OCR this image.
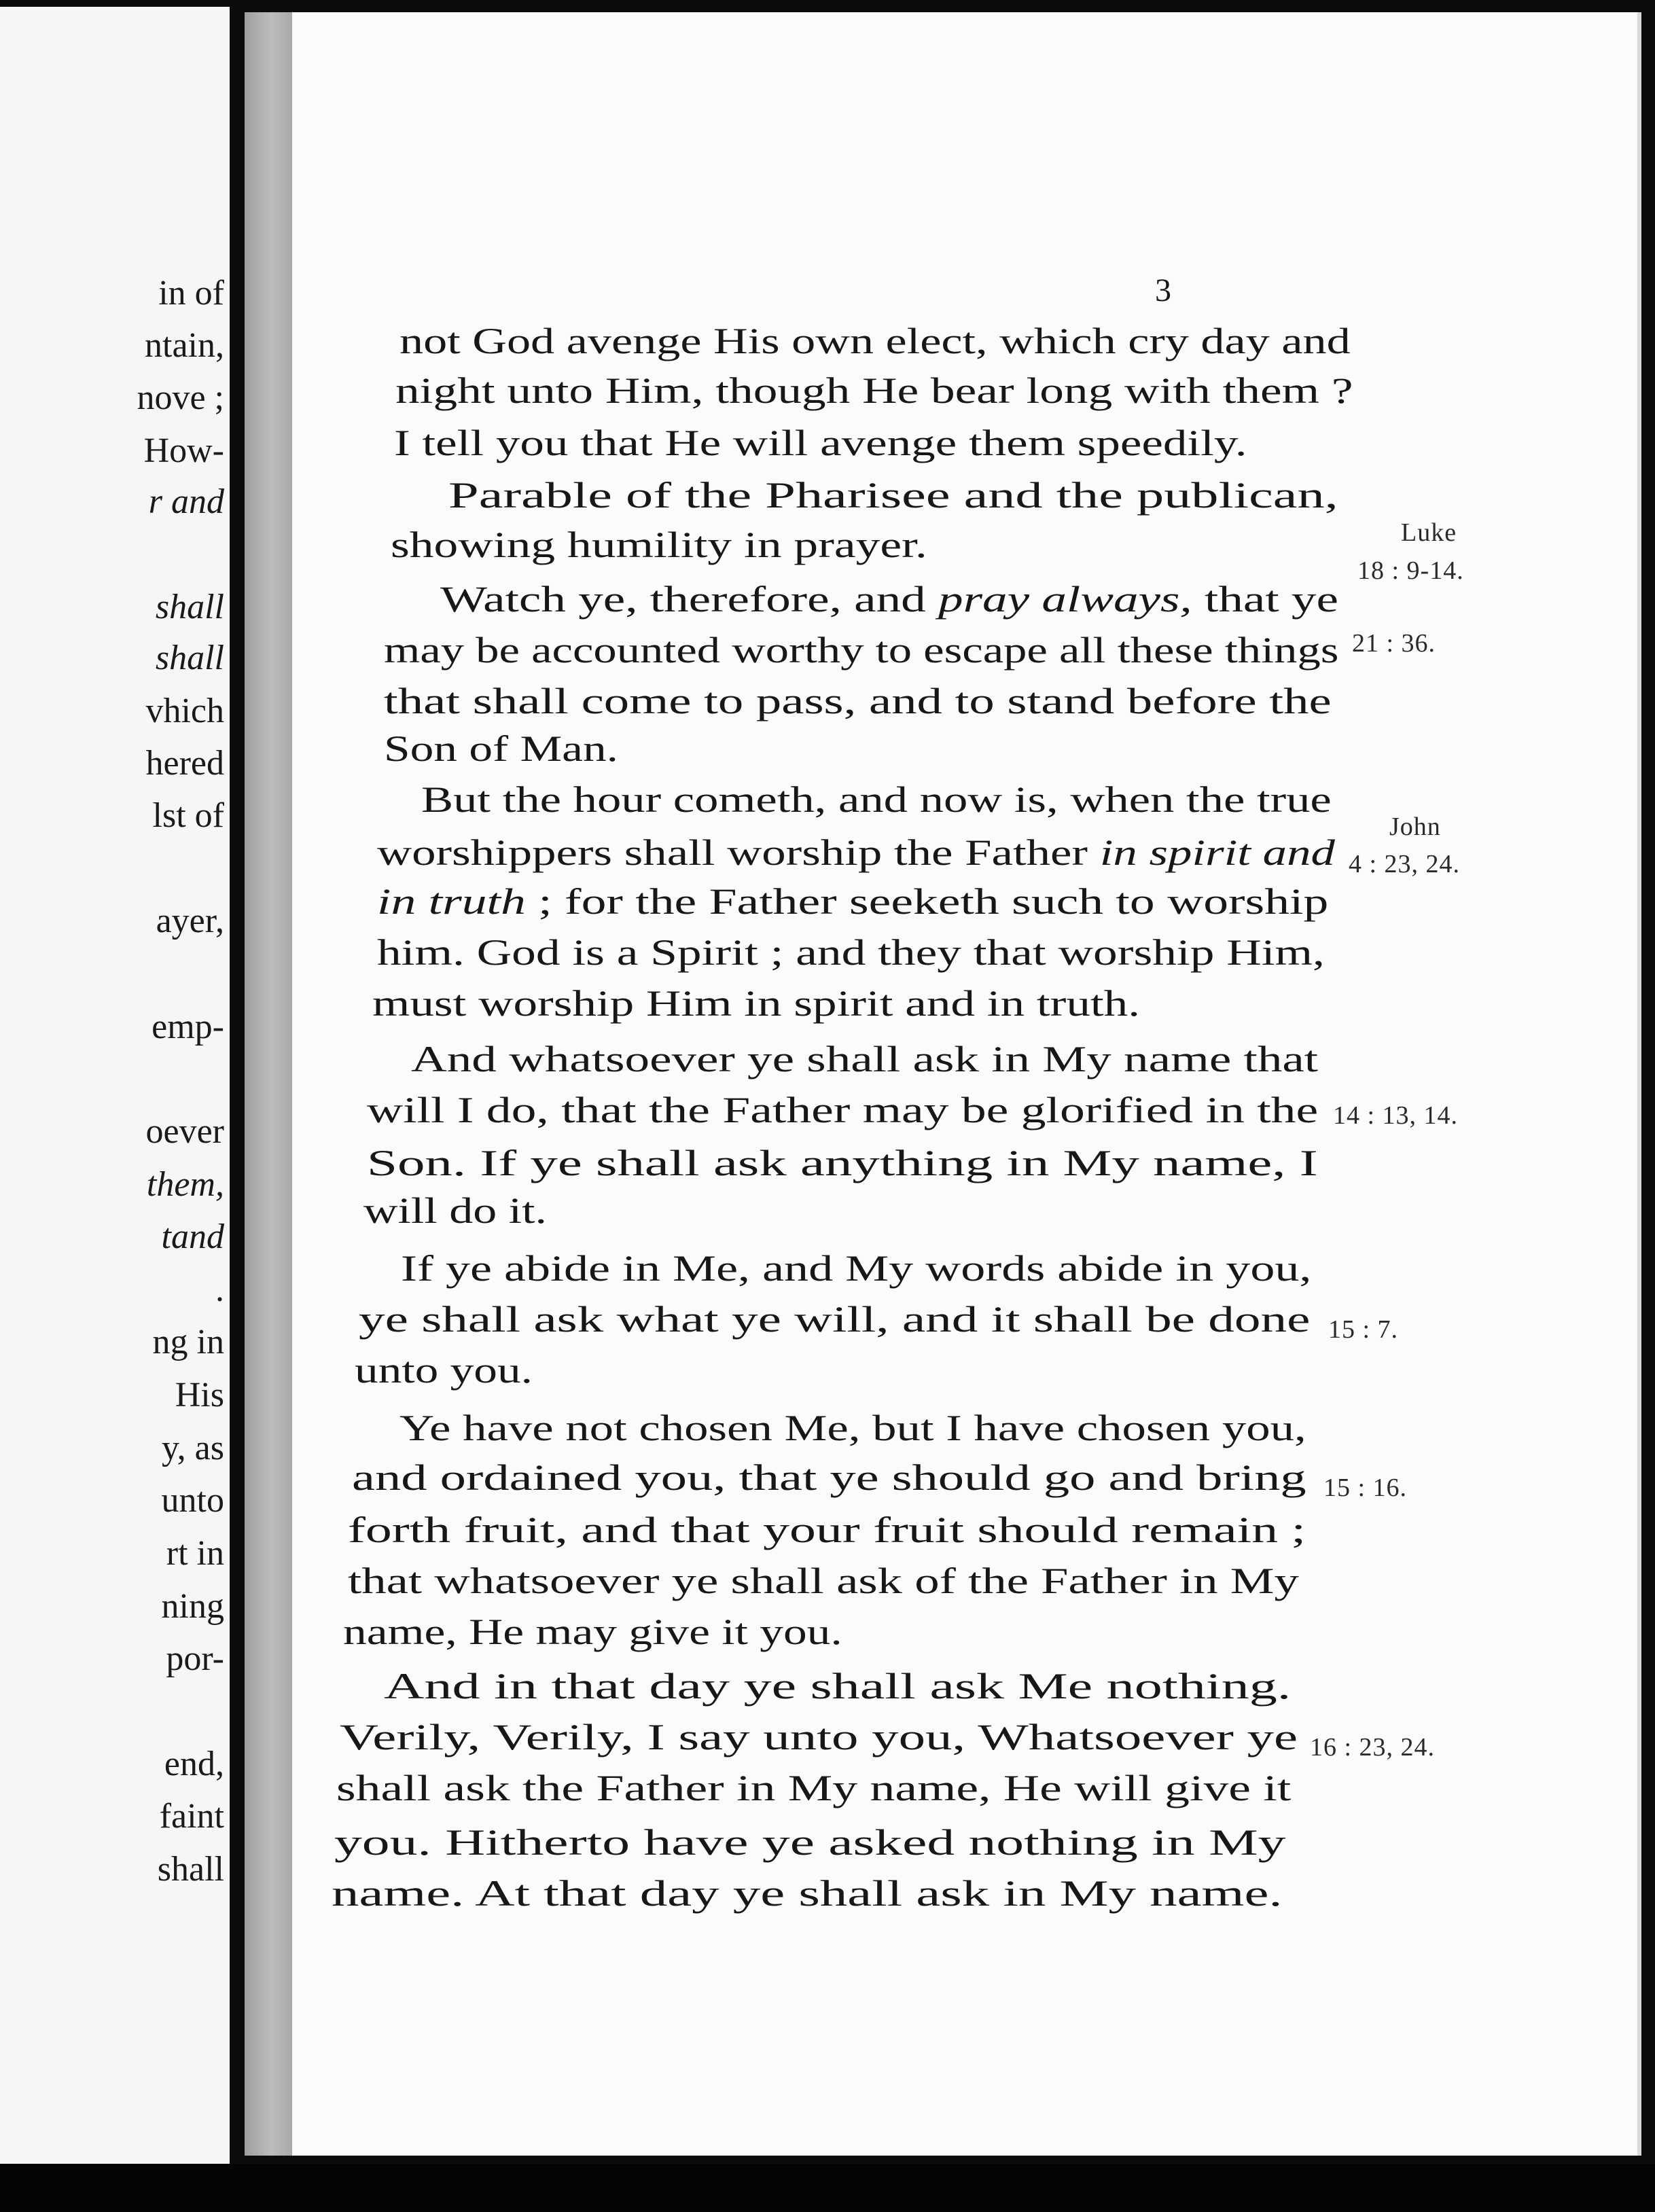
in of
ntain,
nove ;
How-
r and
shall
shall
vhich
hered
lst of
ayer,
emp-
oever
them,
tand
.
ng in
His
y, as
unto
rt in
ning
por-
end,
faint
shall
3
not God avenge His own elect, which cry day and
night unto Him, though He bear long with them ?
I tell you that He will avenge them speedily.
Parable of the Pharisee and the publican,
showing humility in prayer.
Watch ye, therefore, and pray always, that ye
may be accounted worthy to escape all these things
that shall come to pass, and to stand before the
Son of Man.
But the hour cometh, and now is, when the true
worshippers shall worship the Father in spirit and
in truth ; for the Father seeketh such to worship
him. God is a Spirit ; and they that worship Him,
must worship Him in spirit and in truth.
And whatsoever ye shall ask in My name that
will I do, that the Father may be glorified in the
Son. If ye shall ask anything in My name, I
will do it.
If ye abide in Me, and My words abide in you,
ye shall ask what ye will, and it shall be done
unto you.
Ye have not chosen Me, but I have chosen you,
and ordained you, that ye should go and bring
forth fruit, and that your fruit should remain ;
that whatsoever ye shall ask of the Father in My
name, He may give it you.
And in that day ye shall ask Me nothing.
Verily, Verily, I say unto you, Whatsoever ye
shall ask the Father in My name, He will give it
you. Hitherto have ye asked nothing in My
name. At that day ye shall ask in My name.
Luke
18 : 9-14.
21 : 36.
John
4 : 23, 24.
14 : 13, 14.
15 : 7.
15 : 16.
16 : 23, 24.
